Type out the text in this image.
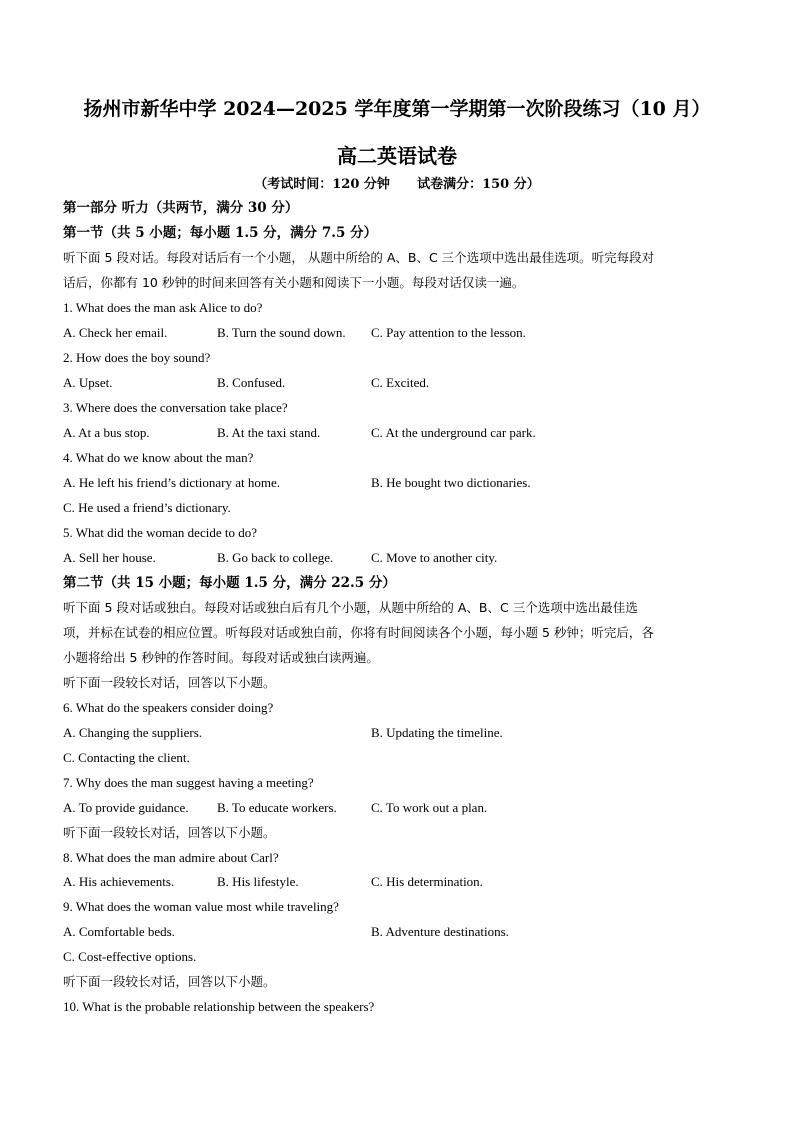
扬州市新华中学 2024—2025 学年度第一学期第一次阶段练习（10 月）
高二英语试卷
（考试时间：120 分钟      试卷满分：150 分）
第一部分 听力（共两节，满分 30 分）
第一节（共 5 小题；每小题 1.5 分，满分 7.5 分）
听下面 5 段对话。每段对话后有一个小题， 从题中所给的 A、B、C 三个选项中选出最佳选项。听完每段对
话后，你都有 10 秒钟的时间来回答有关小题和阅读下一小题。每段对话仅读一遍。
1. What does the man ask Alice to do?
A. Check her email.	B. Turn the sound down. C. Pay attention to the lesson.
2. How does the boy sound?
A. Upset.	B. Confused.	C. Excited.
3. Where does the conversation take place?
A. At a bus stop.	B. At the taxi stand.	C. At the underground car park.
4. What do we know about the man?
A. He left his friend’s dictionary at home.	B. He bought two dictionaries.
C. He used a friend’s dictionary.
5. What did the woman decide to do?
A. Sell her house.	B. Go back to college.	C. Move to another city.
第二节（共 15 小题；每小题 1.5 分，满分 22.5 分）
听下面 5 段对话或独白。每段对话或独白后有几个小题，从题中所给的 A、B、C 三个选项中选出最佳选
项，并标在试卷的相应位置。听每段对话或独白前，你将有时间阅读各个小题，每小题 5 秒钟；听完后，各
小题将给出 5 秒钟的作答时间。每段对话或独白读两遍。
听下面一段较长对话，回答以下小题。
6. What do the speakers consider doing?
A. Changing the suppliers.	B. Updating the timeline.
C. Contacting the client.
7. Why does the man suggest having a meeting?
A. To provide guidance. B. To educate workers.	C. To work out a plan.
听下面一段较长对话，回答以下小题。
8. What does the man admire about Carl?
A. His achievements.	B. His lifestyle.	C. His determination.
9. What does the woman value most while traveling?
A. Comfortable beds.	B. Adventure destinations.
C. Cost-effective options.
听下面一段较长对话，回答以下小题。
10. What is the probable relationship between the speakers?
